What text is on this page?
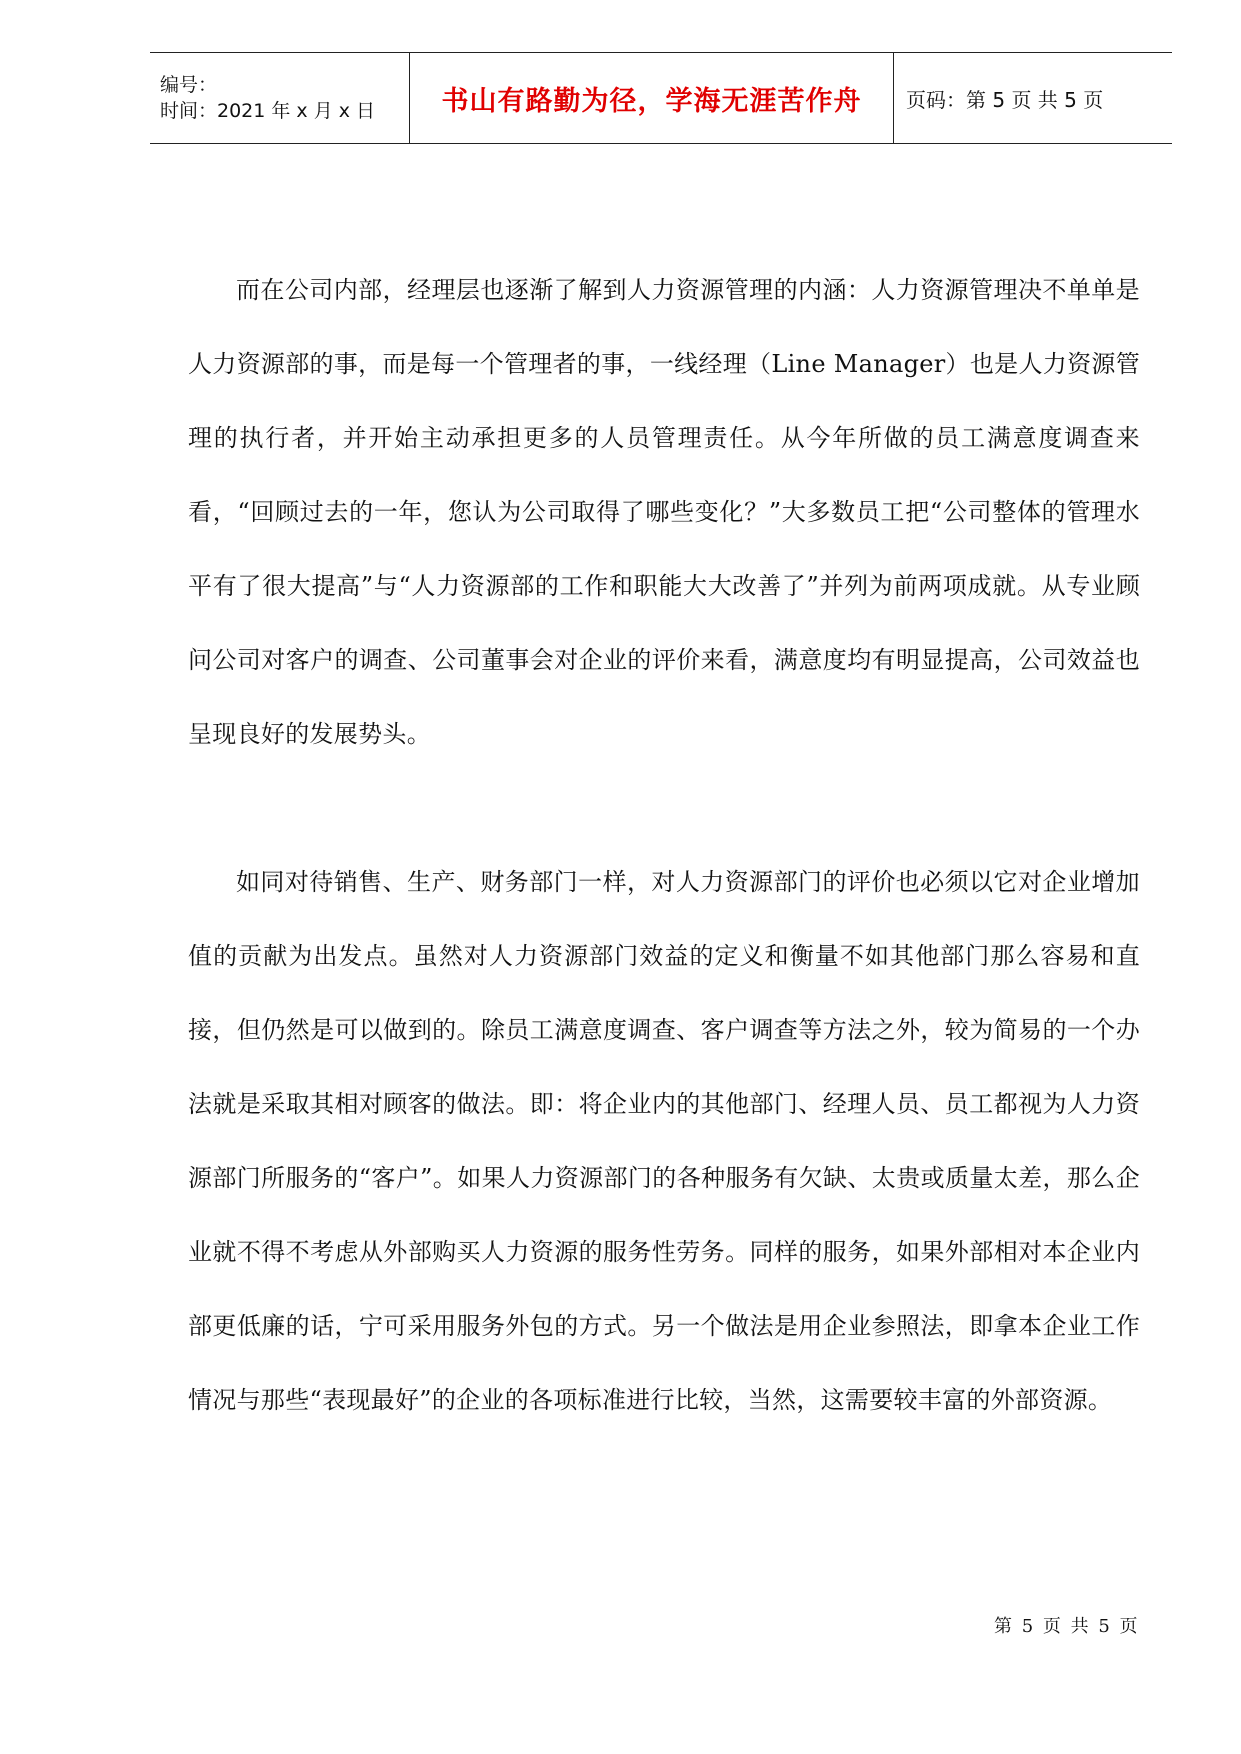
编号：
时间：2021 年 x 月 x 日	书山有路勤为径，学海无涯苦作舟	页码：第 5 页 共 5 页

而在公司内部，经理层也逐渐了解到人力资源管理的内涵：人力资源管理决不单单是人力资源部的事，而是每一个管理者的事，一线经理（Line Manager）也是人力资源管理的执行者，并开始主动承担更多的人员管理责任。从今年所做的员工满意度调查来看，“回顾过去的一年，您认为公司取得了哪些变化？”大多数员工把“公司整体的管理水平有了很大提高”与“人力资源部的工作和职能大大改善了”并列为前两项成就。从专业顾问公司对客户的调查、公司董事会对企业的评价来看，满意度均有明显提高，公司效益也呈现良好的发展势头。

如同对待销售、生产、财务部门一样，对人力资源部门的评价也必须以它对企业增加值的贡献为出发点。虽然对人力资源部门效益的定义和衡量不如其他部门那么容易和直接，但仍然是可以做到的。除员工满意度调查、客户调查等方法之外，较为简易的一个办法就是采取其相对顾客的做法。即：将企业内的其他部门、经理人员、员工都视为人力资源部门所服务的“客户”。如果人力资源部门的各种服务有欠缺、太贵或质量太差，那么企业就不得不考虑从外部购买人力资源的服务性劳务。同样的服务，如果外部相对本企业内部更低廉的话，宁可采用服务外包的方式。另一个做法是用企业参照法，即拿本企业工作情况与那些“表现最好”的企业的各项标准进行比较，当然，这需要较丰富的外部资源。

第 5 页 共 5 页
